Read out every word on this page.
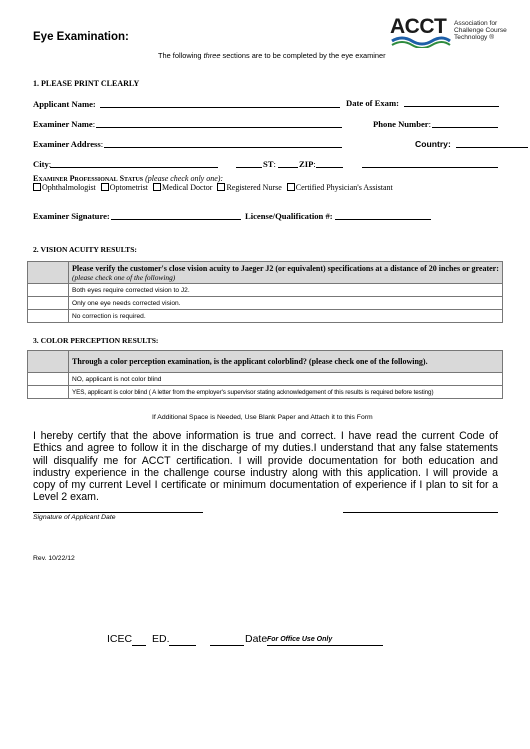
Eye Examination:	ACCT Association for
Challenge Course
Technology ®
The following three sections are to be completed by the eye examiner
1. PLEASE PRINT CLEARLY
Applicant Name:	Date of Exam:
Examiner Name:	Phone Number:
Examiner Address:	Country:
City:	ST:	ZIP:
Examiner Professional Status (please check only one):
Ophthalmologist Optometrist Medical Doctor Registered Nurse Certified Physician's Assistant
Examiner Signature:	License/Qualification #:
2. VISION ACUITY RESULTS:
	Please verify the customer's close vision acuity to Jaeger J2 (or equivalent) specifications at a distance of 20 inches or greater: (please check one of the following)
	Both eyes require corrected vision to J2.
	Only one eye needs corrected vision.
	No correction is required.
3. COLOR PERCEPTION RESULTS:
	Through a color perception examination, is the applicant colorblind? (please check one of the following).
	NO, applicant is not color blind
	YES, applicant is color blind ( A letter from the employer's supervisor stating acknowledgement of this results is required before testing)
If Additional Space is Needed, Use Blank Paper and Attach it to this Form
I hereby certify that the above information is true and correct. I have read the current Code of Ethics and agree to follow it in the discharge of my duties.I understand that any false statements will disqualify me for ACCT certification. I will provide documentation for both education and industry experience in the challenge course industry along with this application. I will provide a copy of my current Level I certificate or minimum documentation of experience if I plan to sit for a Level 2 exam.
Signature of Applicant Date
Rev. 10/22/12
ICEC ED.	Date For Office Use Only
